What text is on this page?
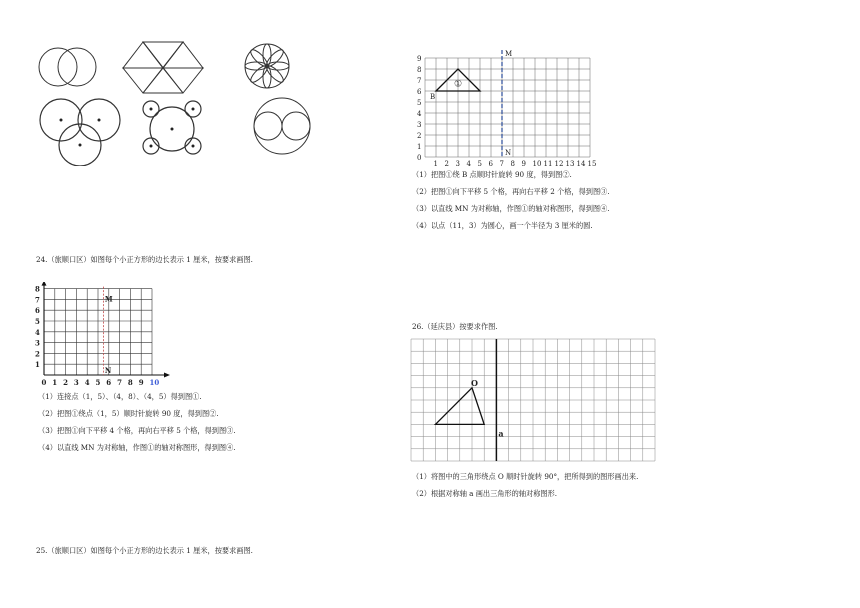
9
8
7
6
5
4
3
2
1
0
1 2 3 4 5 6 7 8 9 10 11 12 13 14 15
M
N
B
①
（1）把图①绕 B 点顺时针旋转 90 度，得到图②.
（2）把图①向下平移 5 个格，再向右平移 2 个格，得到图③.
（3）以直线 MN 为对称轴，作图①的轴对称图形，得到图④.
（4）以点（11，3）为圆心，画一个半径为 3 厘米的圆.
24.（旅顺口区）如图每个小正方形的边长表示 1 厘米，按要求画图.
8
7
6
5
4
3
2
1
0 1 2 3 4 5 6 7 8 9 10
M
N
（1）连接点（1，5）、（4，8）、（4，5）得到图①.
（2）把图①绕点（1，5）顺时针旋转 90 度，得到图②.
（3）把图①向下平移 4 个格，再向右平移 5 个格，得到图③.
（4）以直线 MN 为对称轴，作图①的轴对称图形，得到图④.
25.（旅顺口区）如图每个小正方形的边长表示 1 厘米，按要求画图.
26.（延庆县）按要求作图.
a
O
（1）将图中的三角形绕点 O 顺时针旋转 90°，把所得到的图形画出来.
（2）根据对称轴 a 画出三角形的轴对称图形.
